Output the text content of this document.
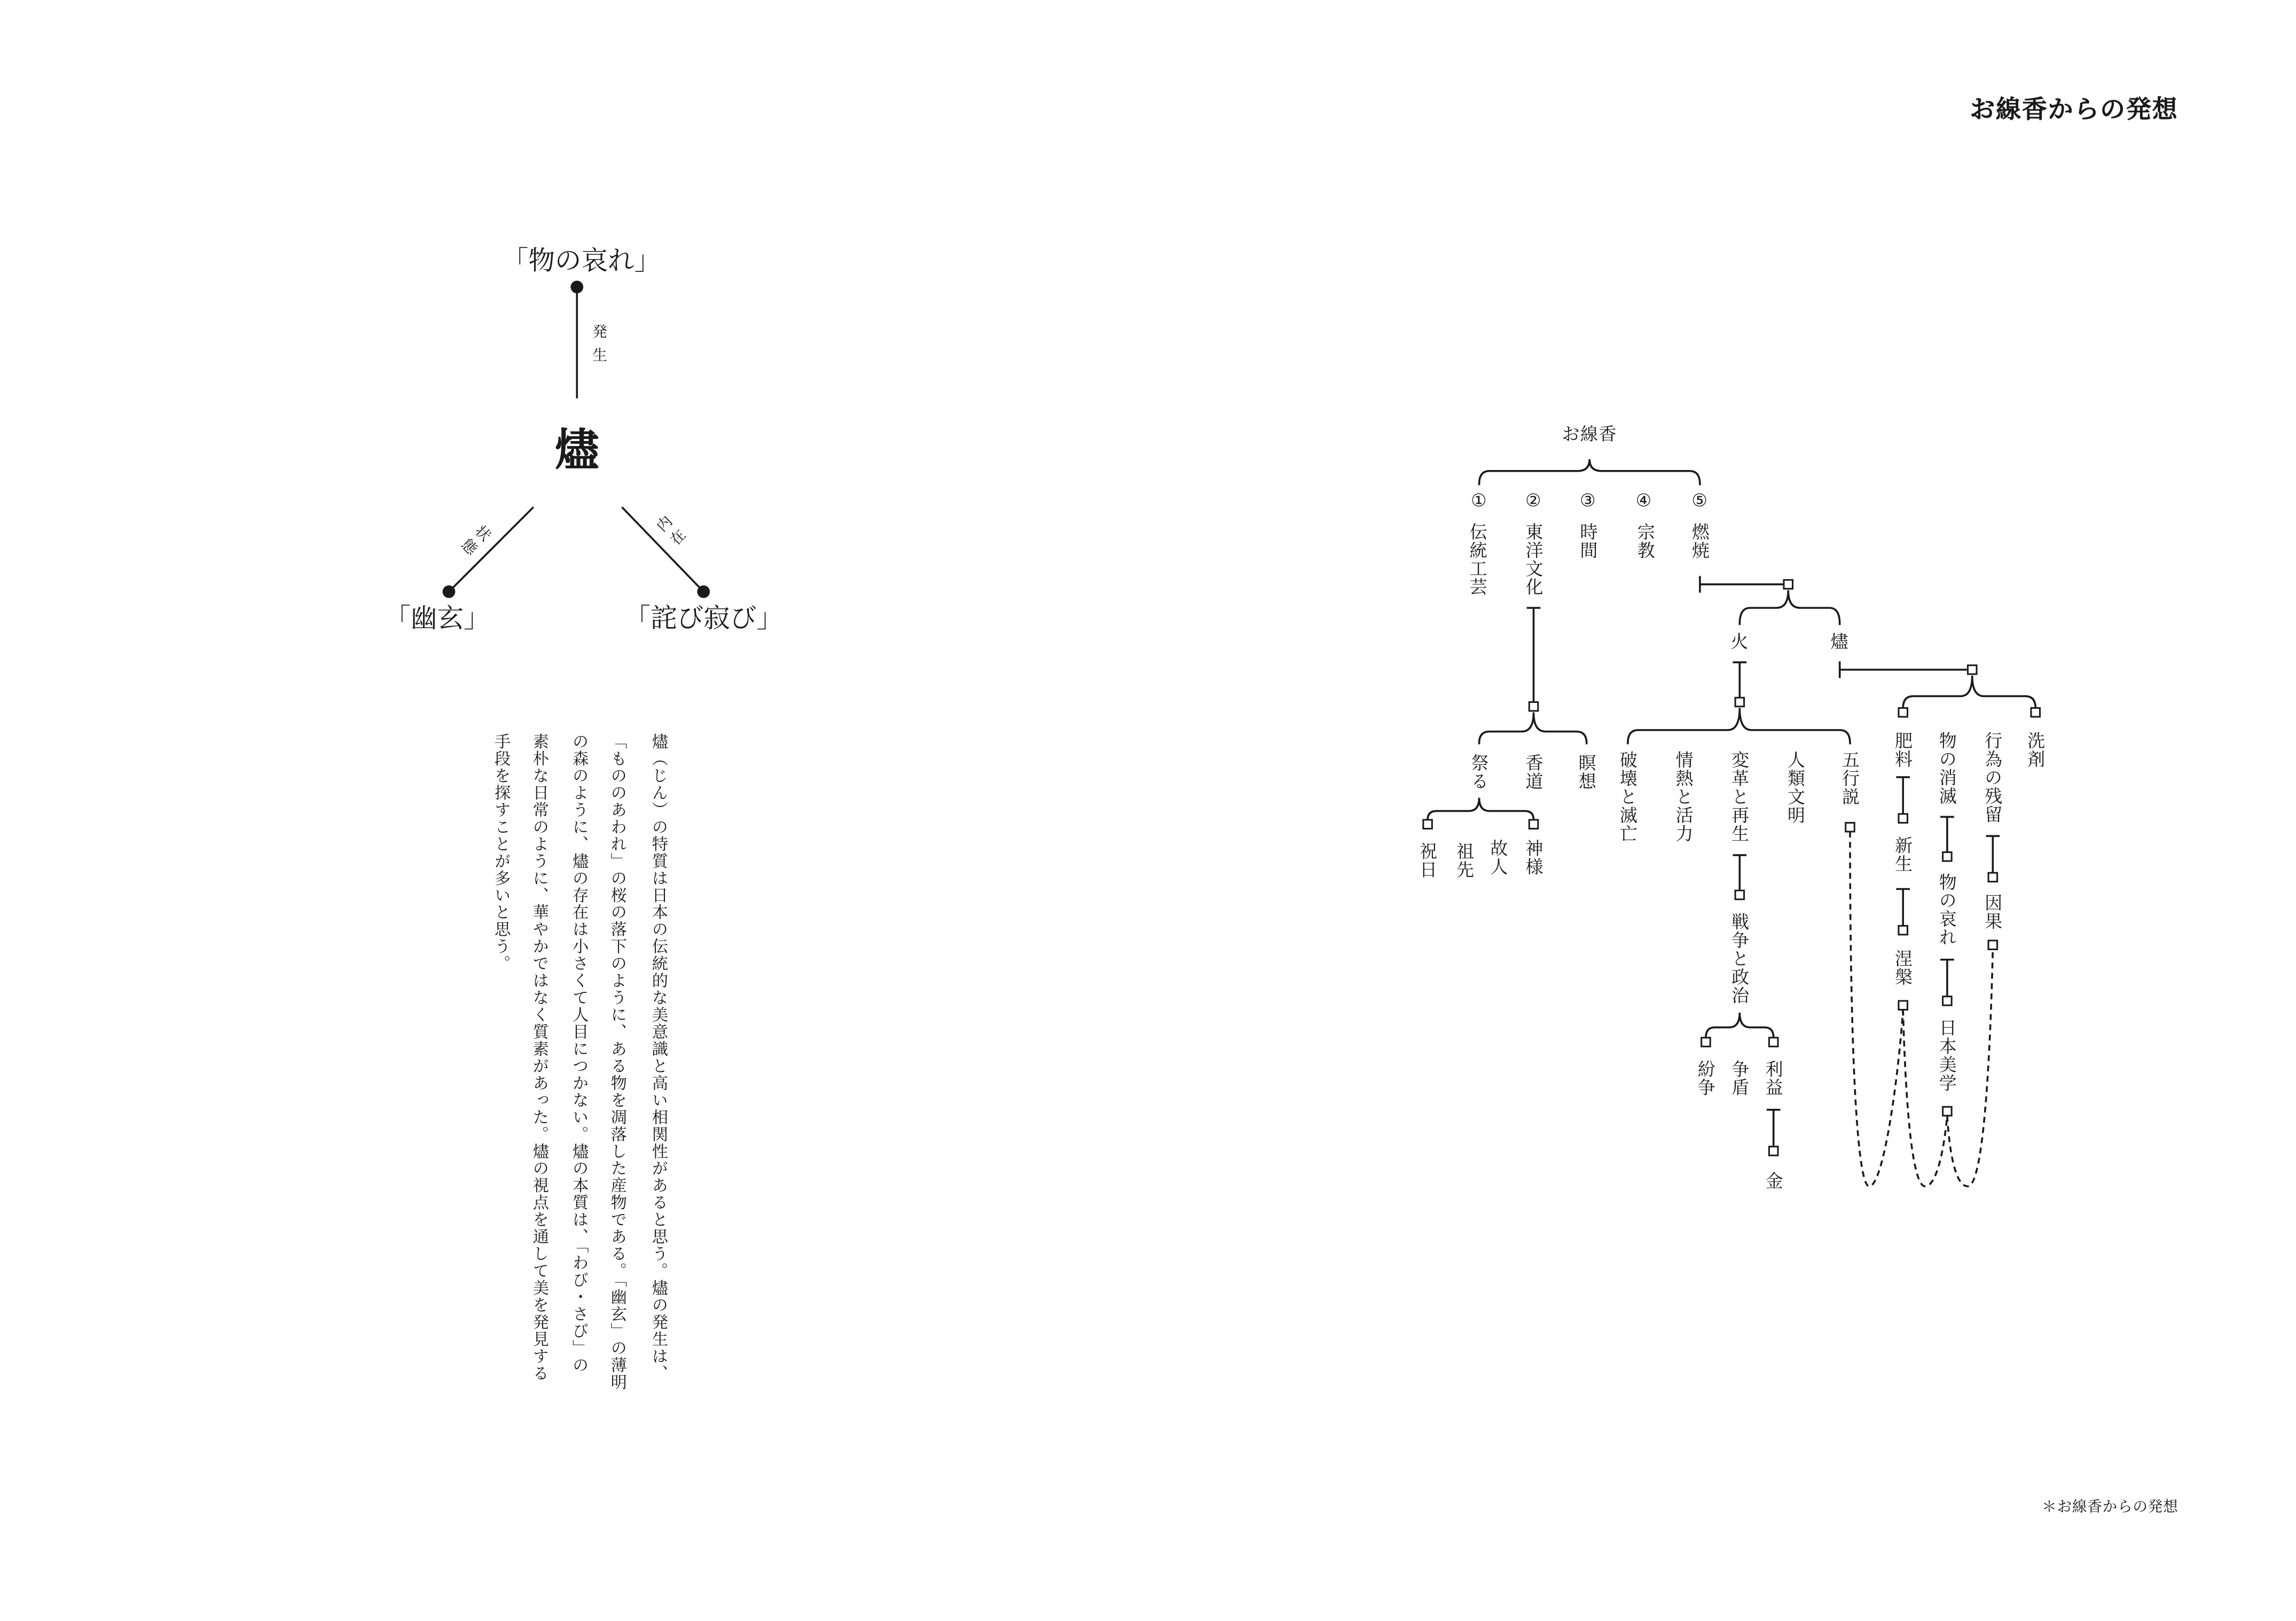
お線香からの発想
＊お線香からの発想
「物の哀れ」
発生
燼
状態	内在
「幽玄」	「詫び寂び」
燼（じん）の特質は日本の伝統的な美意識と高い相関性があると思う。燼の発生は、
「もののあわれ」の桜の落下のように、ある物を凋落した産物である。「幽玄」の薄明
の森のように、燼の存在は小さくて人目につかない。燼の本質は、「わび・さび」の
素朴な日常のように、華やかではなく質素があった。燼の視点を通して美を発見する
手段を探すことが多いと思う。
お線香
①	②	③	④	⑤
伝統工芸	東洋文化	時間	宗教	燃焼
祭る	香道	瞑想
神様
故人
祖先
祝日
火	燼
破壊と滅亡	情熱と活力	変革と再生	人類文明	五行説
戦争と政治
紛争 争盾 利益
金
肥料	物の消滅	行為の残留	洗剤
新生
涅槃
物の哀れ
日本美学
因果
